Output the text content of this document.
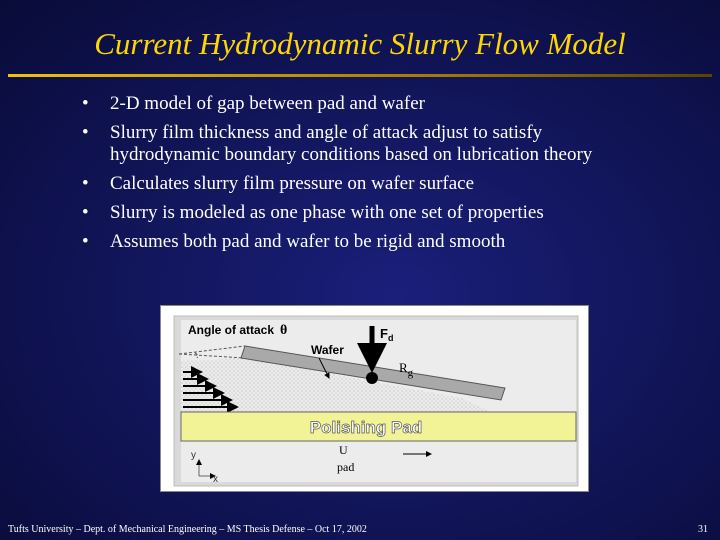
Current Hydrodynamic Slurry Flow Model
• 2-D model of gap between pad and wafer
• Slurry film thickness and angle of attack adjust to satisfy hydrodynamic boundary conditions based on lubrication theory
• Calculates slurry film pressure on wafer surface
• Slurry is modeled as one phase with one set of properties
• Assumes both pad and wafer to be rigid and smooth
Polishing Pad
$F_d$
$R_g$
Wafer
Angle of attack θ
U
pad
y
x
Tufts University – Dept. of Mechanical Engineering – MS Thesis Defense – Oct 17, 2002	31
